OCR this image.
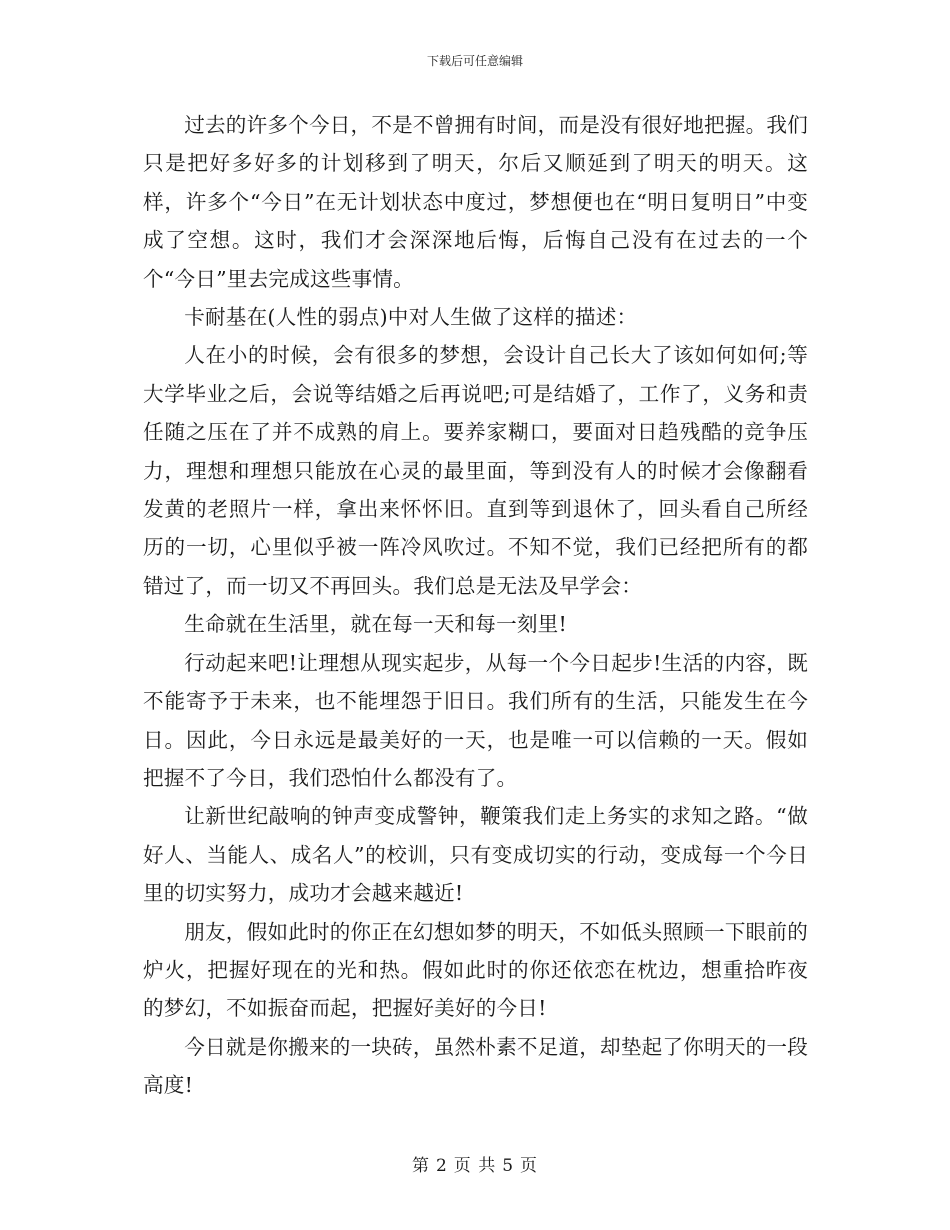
下载后可任意编辑

过去的许多个今日，不是不曾拥有时间，而是没有很好地把握。我们只是把好多好多的计划移到了明天，尔后又顺延到了明天的明天。这样，许多个“今日”在无计划状态中度过，梦想便也在“明日复明日”中变成了空想。这时，我们才会深深地后悔，后悔自己没有在过去的一个个“今日”里去完成这些事情。

卡耐基在(人性的弱点)中对人生做了这样的描述：

人在小的时候，会有很多的梦想，会设计自己长大了该如何如何;等大学毕业之后，会说等结婚之后再说吧;可是结婚了，工作了，义务和责任随之压在了并不成熟的肩上。要养家糊口，要面对日趋残酷的竞争压力，理想和理想只能放在心灵的最里面，等到没有人的时候才会像翻看发黄的老照片一样，拿出来怀怀旧。直到等到退休了，回头看自己所经历的一切，心里似乎被一阵冷风吹过。不知不觉，我们已经把所有的都错过了，而一切又不再回头。我们总是无法及早学会：

生命就在生活里，就在每一天和每一刻里!

行动起来吧!让理想从现实起步，从每一个今日起步!生活的内容，既不能寄予于未来，也不能埋怨于旧日。我们所有的生活，只能发生在今日。因此，今日永远是最美好的一天，也是唯一可以信赖的一天。假如把握不了今日，我们恐怕什么都没有了。

让新世纪敲响的钟声变成警钟，鞭策我们走上务实的求知之路。“做好人、当能人、成名人”的校训，只有变成切实的行动，变成每一个今日里的切实努力，成功才会越来越近!

朋友，假如此时的你正在幻想如梦的明天，不如低头照顾一下眼前的炉火，把握好现在的光和热。假如此时的你还依恋在枕边，想重拾昨夜的梦幻，不如振奋而起，把握好美好的今日!

今日就是你搬来的一块砖，虽然朴素不足道，却垫起了你明天的一段高度!

第 2 页 共 5 页
